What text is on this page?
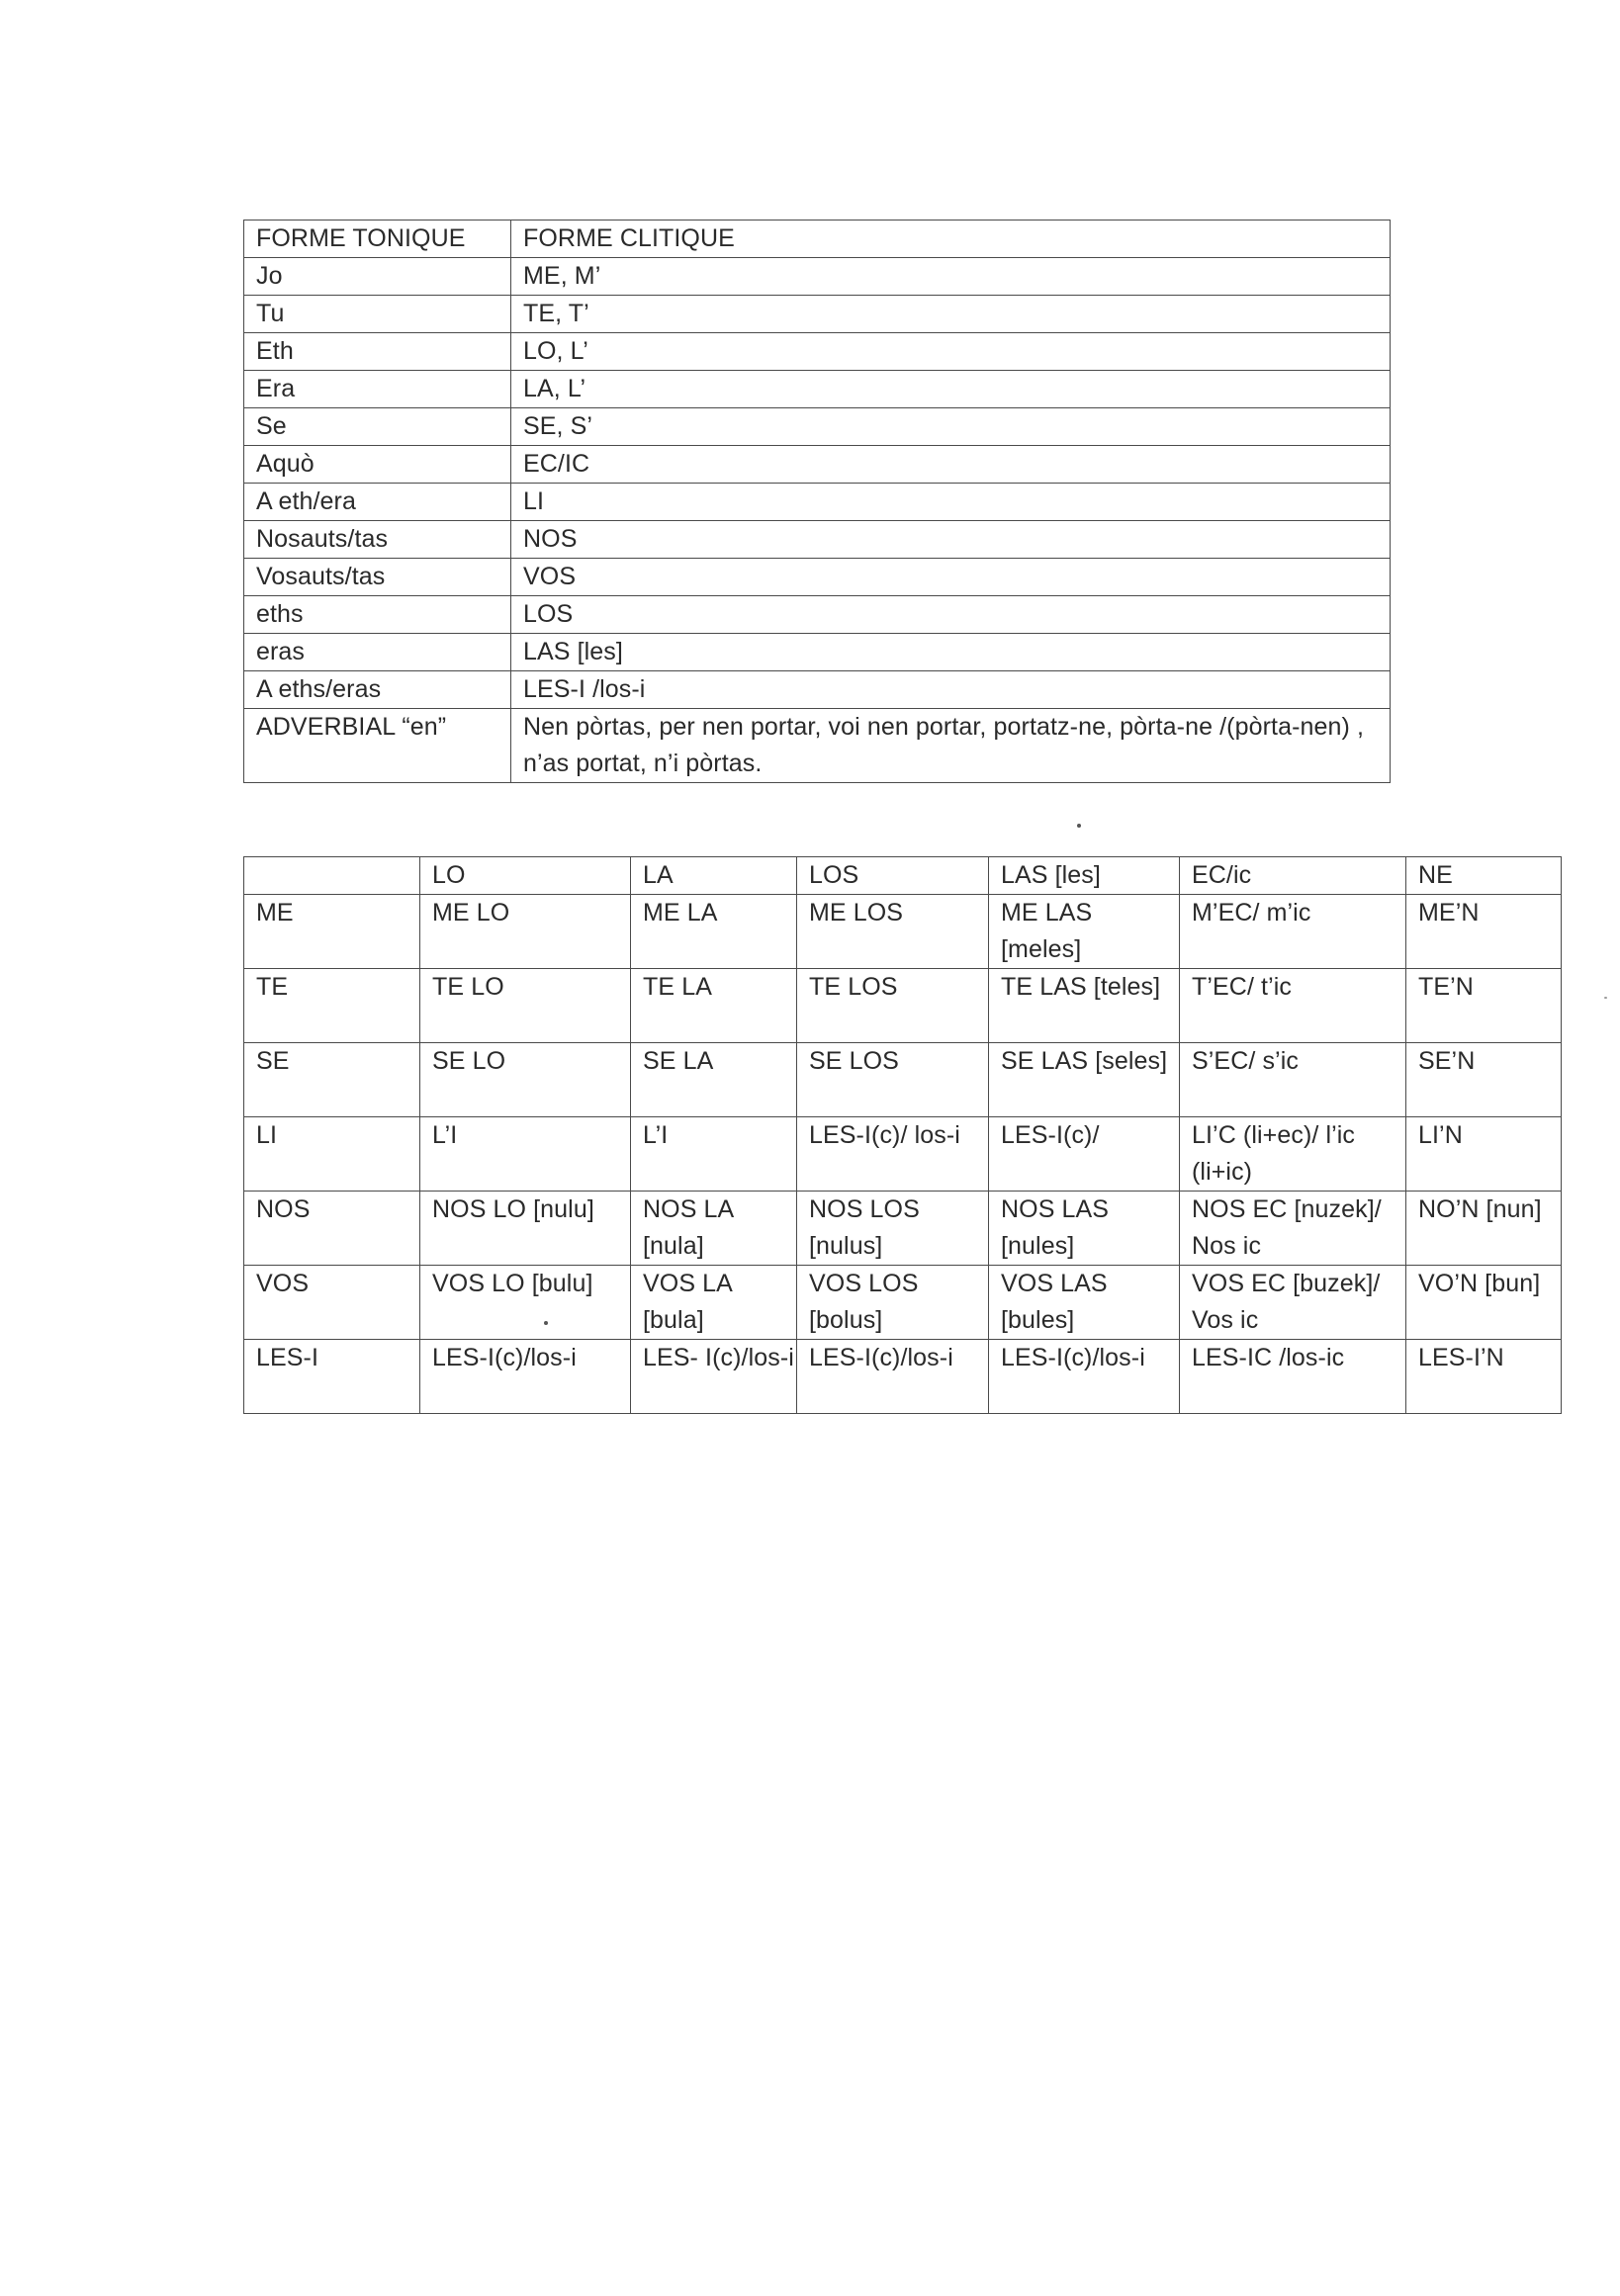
FORME TONIQUE	FORME CLITIQUE
Jo	ME, M’
Tu	TE, T’
Eth	LO, L’
Era	LA, L’
Se	SE, S’
Aquò	EC/IC
A eth/era	LI
Nosauts/tas	NOS
Vosauts/tas	VOS
eths	LOS
eras	LAS [les]
A eths/eras	LES-I /los-i
ADVERBIAL “en”	Nen pòrtas, per nen portar, voi nen portar, portatz-ne, pòrta-ne /(pòrta-nen) , n’as portat, n’i pòrtas.
	LO	LA	LOS	LAS [les]	EC/ic	NE
ME	ME LO	ME LA	ME LOS	ME LAS [meles]	M’EC/ m’ic	ME’N
TE	TE LO	TE LA	TE LOS	TE LAS [teles]	T’EC/ t’ic	TE’N
SE	SE LO	SE LA	SE LOS	SE LAS [seles]	S’EC/ s’ic	SE’N
LI	L’I	L’I	LES-I(c)/ los-i	LES-I(c)/	LI’C (li+ec)/ l’ic (li+ic)	LI’N
NOS	NOS LO [nulu]	NOS LA [nula]	NOS LOS [nulus]	NOS LAS [nules]	NOS EC [nuzek]/ Nos ic	NO’N [nun]
VOS	VOS LO [bulu]	VOS LA [bula]	VOS LOS [bolus]	VOS LAS [bules]	VOS EC [buzek]/ Vos ic	VO’N [bun]
LES-I	LES-I(c)/los-i	LES- I(c)/los-i	LES-I(c)/los-i	LES-I(c)/los-i	LES-IC /los-ic	LES-I’N
